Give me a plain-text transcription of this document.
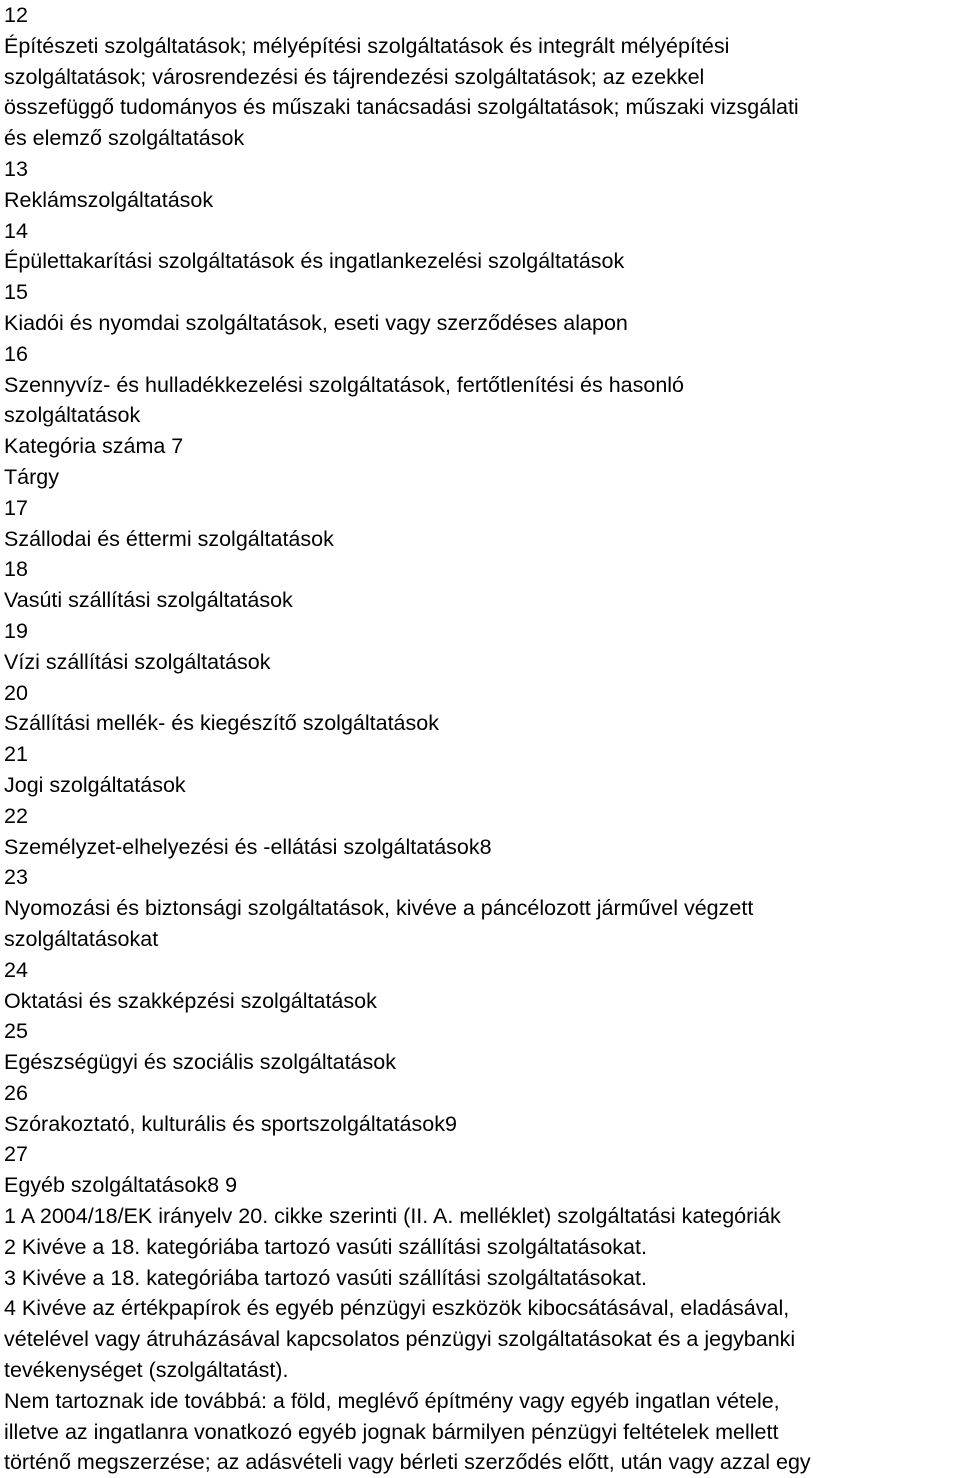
12

Építészeti szolgáltatások; mélyépítési szolgáltatások és integrált mélyépítési

szolgáltatások; városrendezési és tájrendezési szolgáltatások; az ezekkel

összefüggő tudományos és műszaki tanácsadási szolgáltatások; műszaki vizsgálati

és elemző szolgáltatások

13

Reklámszolgáltatások

14

Épülettakarítási szolgáltatások és ingatlankezelési szolgáltatások

15

Kiadói és nyomdai szolgáltatások, eseti vagy szerződéses alapon

16

Szennyvíz- és hulladékkezelési szolgáltatások, fertőtlenítési és hasonló

szolgáltatások

Kategória száma 7

Tárgy

17

Szállodai és éttermi szolgáltatások

18

Vasúti szállítási szolgáltatások

19

Vízi szállítási szolgáltatások

20

Szállítási mellék- és kiegészítő szolgáltatások

21

Jogi szolgáltatások

22

Személyzet-elhelyezési és -ellátási szolgáltatások8

23

Nyomozási és biztonsági szolgáltatások, kivéve a páncélozott járművel végzett

szolgáltatásokat

24

Oktatási és szakképzési szolgáltatások

25

Egészségügyi és szociális szolgáltatások

26

Szórakoztató, kulturális és sportszolgáltatások9

27

Egyéb szolgáltatások8 9

1 A 2004/18/EK irányelv 20. cikke szerinti (II. A. melléklet) szolgáltatási kategóriák

2 Kivéve a 18. kategóriába tartozó vasúti szállítási szolgáltatásokat.

3 Kivéve a 18. kategóriába tartozó vasúti szállítási szolgáltatásokat.

4 Kivéve az értékpapírok és egyéb pénzügyi eszközök kibocsátásával, eladásával,

vételével vagy átruházásával kapcsolatos pénzügyi szolgáltatásokat és a jegybanki

tevékenységet (szolgáltatást).

Nem tartoznak ide továbbá: a föld, meglévő építmény vagy egyéb ingatlan vétele,

illetve az ingatlanra vonatkozó egyéb jognak bármilyen pénzügyi feltételek mellett

történő megszerzése; az adásvételi vagy bérleti szerződés előtt, után vagy azzal egy
